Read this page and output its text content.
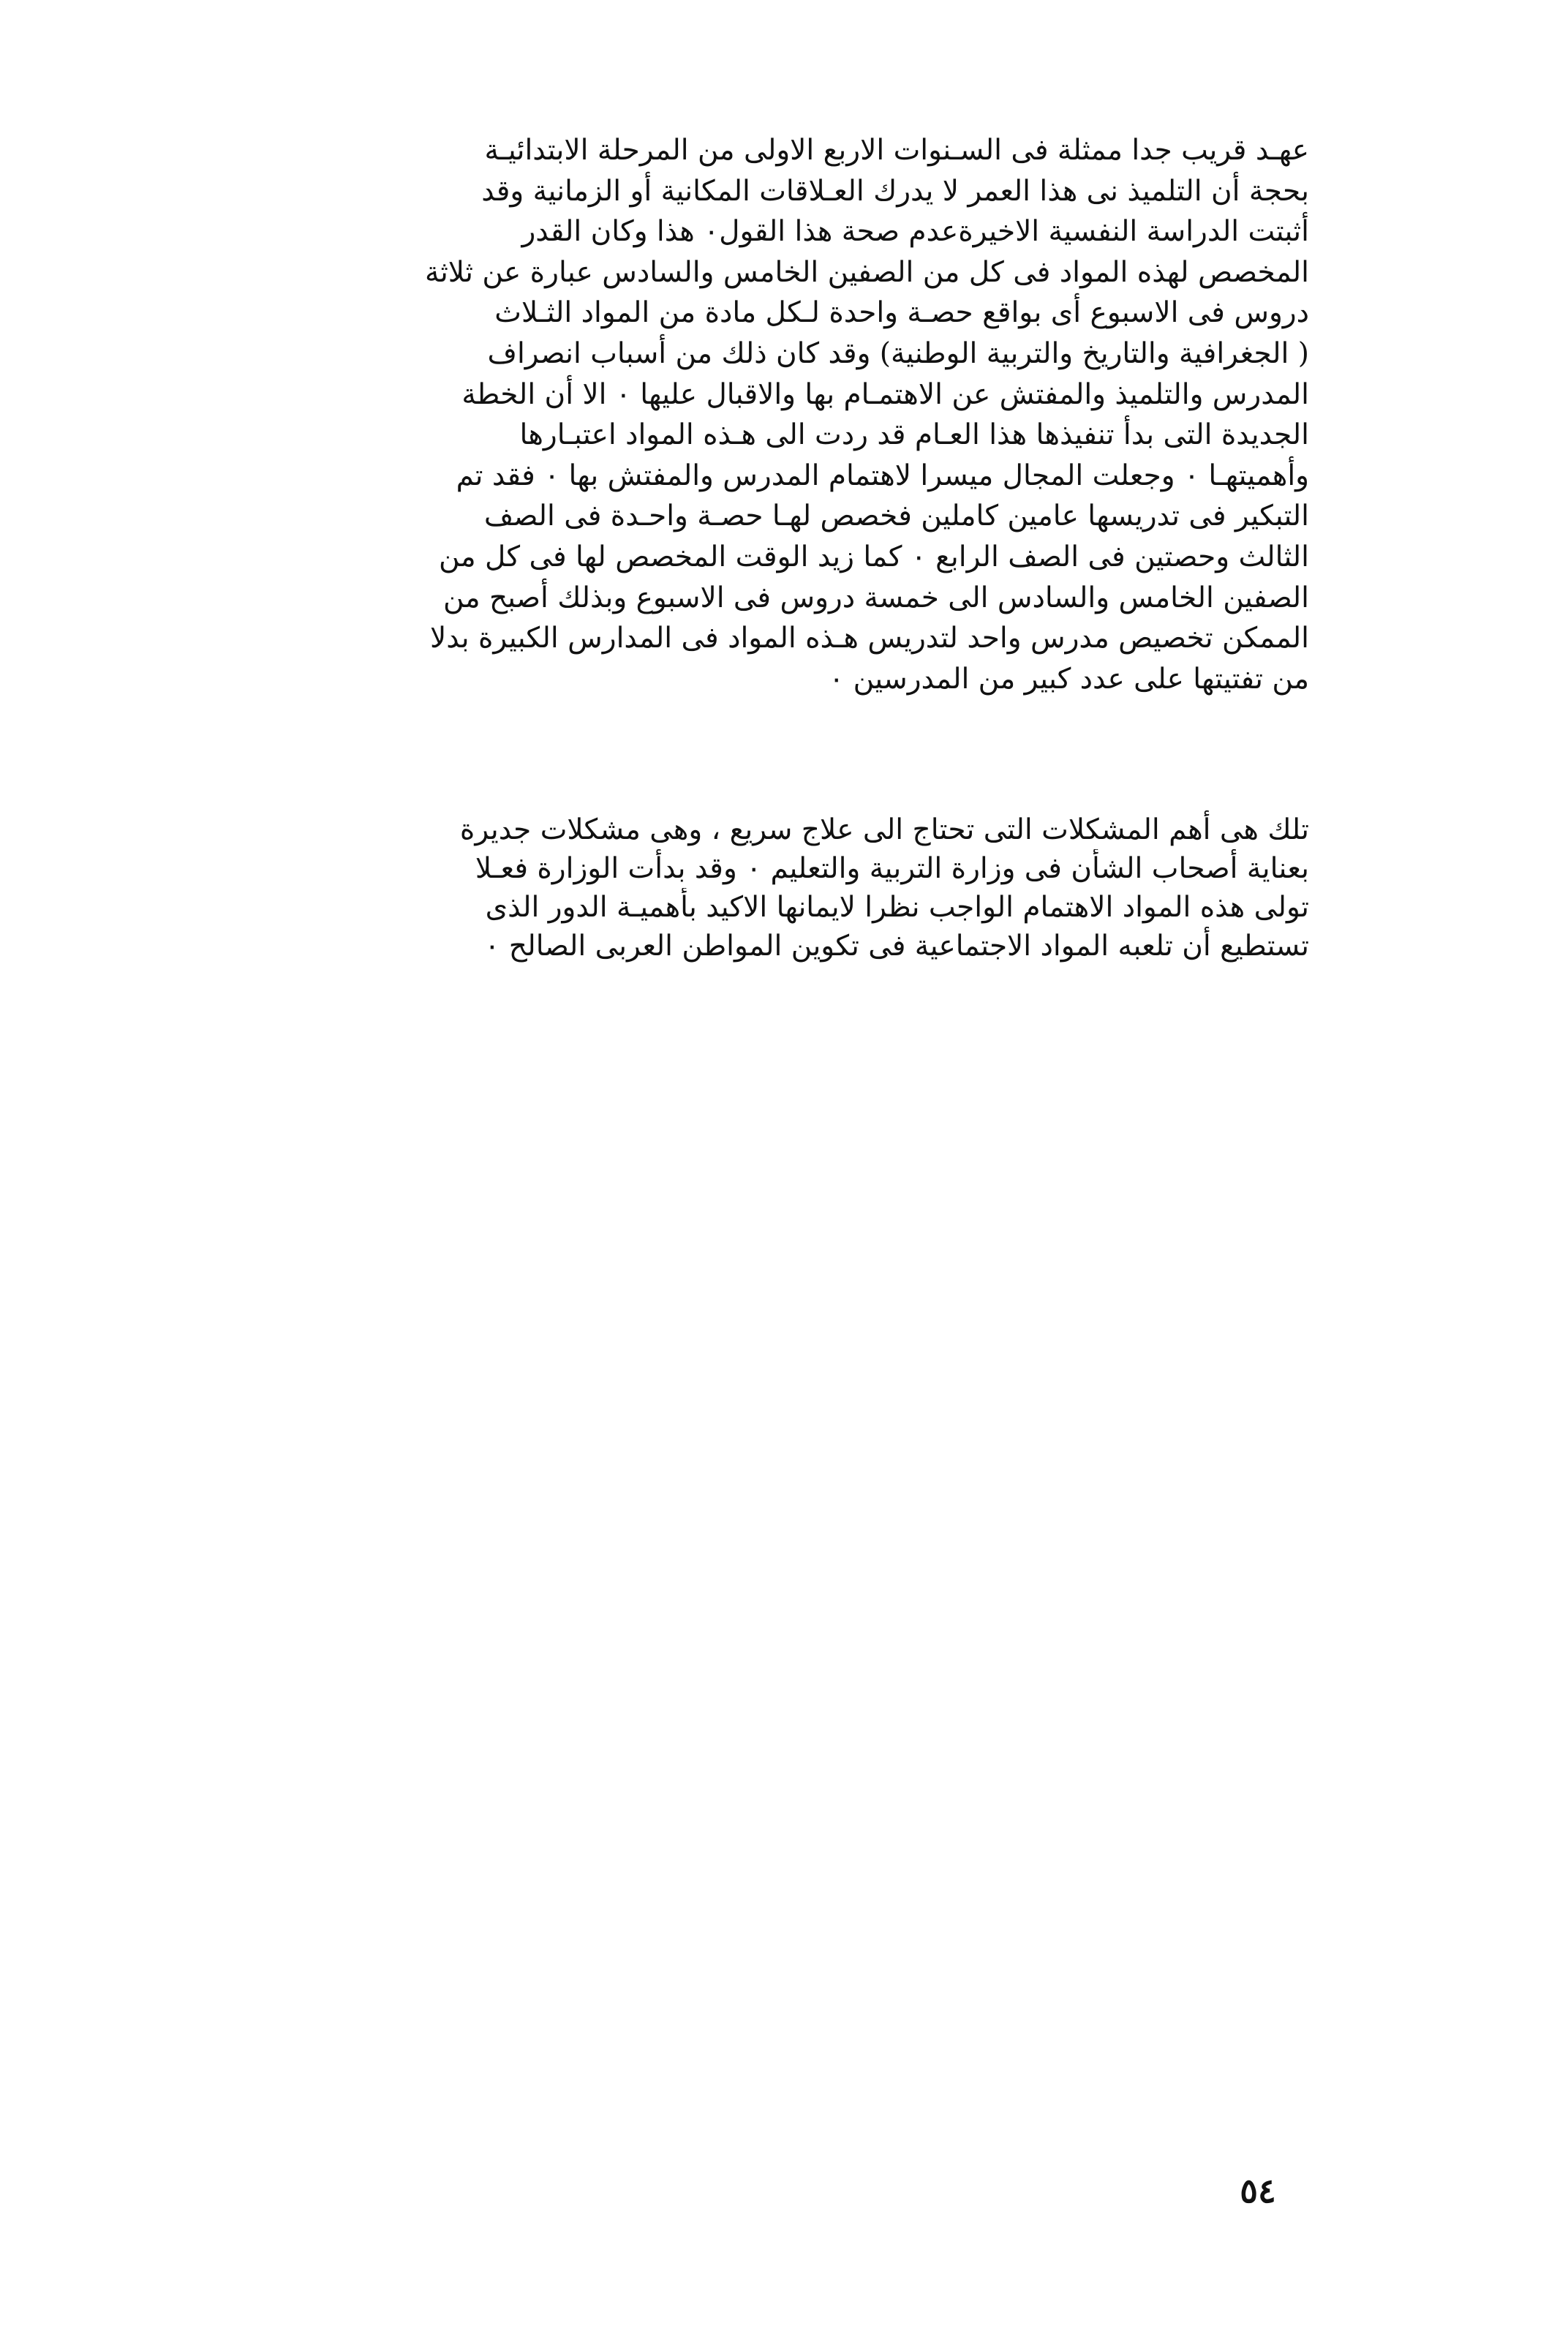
عهـد قريب جدا ممثلة فى السـنوات الاربع الاولى من المرحلة الابتدائيـة
بحجة أن التلميذ نى هذا العمر لا يدرك العـلاقات المكانية أو الزمانية وقد
أثبتت الدراسة النفسية الاخيرةعدم صحة هذا القول٠ هذا وكان القدر
المخصص لهذه المواد فى كل من الصفين الخامس والسادس عبارة عن ثلاثة
دروس فى الاسبوع أى بواقع حصـة واحدة لـكل مادة من المواد الثـلاث
( الجغرافية والتاريخ والتربية الوطنية) وقد كان ذلك من أسباب انصراف
المدرس والتلميذ والمفتش عن الاهتمـام بها والاقبال عليها ٠ الا أن الخطة
الجديدة التى بدأ تنفيذها هذا العـام قد ردت الى هـذه المواد اعتبـارها
وأهميتهـا ٠ وجعلت المجال ميسرا لاهتمام المدرس والمفتش بها ٠ فقد تم
التبكير فى تدريسها عامين كاملين فخصص لهـا حصـة واحـدة فى الصف
الثالث وحصتين فى الصف الرابع ٠ كما زيد الوقت المخصص لها فى كل من
الصفين الخامس والسادس الى خمسة دروس فى الاسبوع وبذلك أصبح من
الممكن تخصيص مدرس واحد لتدريس هـذه المواد فى المدارس الكبيرة بدلا
من تفتيتها على عدد كبير من المدرسين ٠
تلك هى أهم المشكلات التى تحتاج الى علاج سريع ، وهى مشكلات جديرة
بعناية أصحاب الشأن فى وزارة التربية والتعليم ٠ وقد بدأت الوزارة فعـلا
تولى هذه المواد الاهتمام الواجب نظرا لايمانها الاكيد بأهميـة الدور الذى
تستطيع أن تلعبه المواد الاجتماعية فى تكوين المواطن العربى الصالح ٠
٥٤
